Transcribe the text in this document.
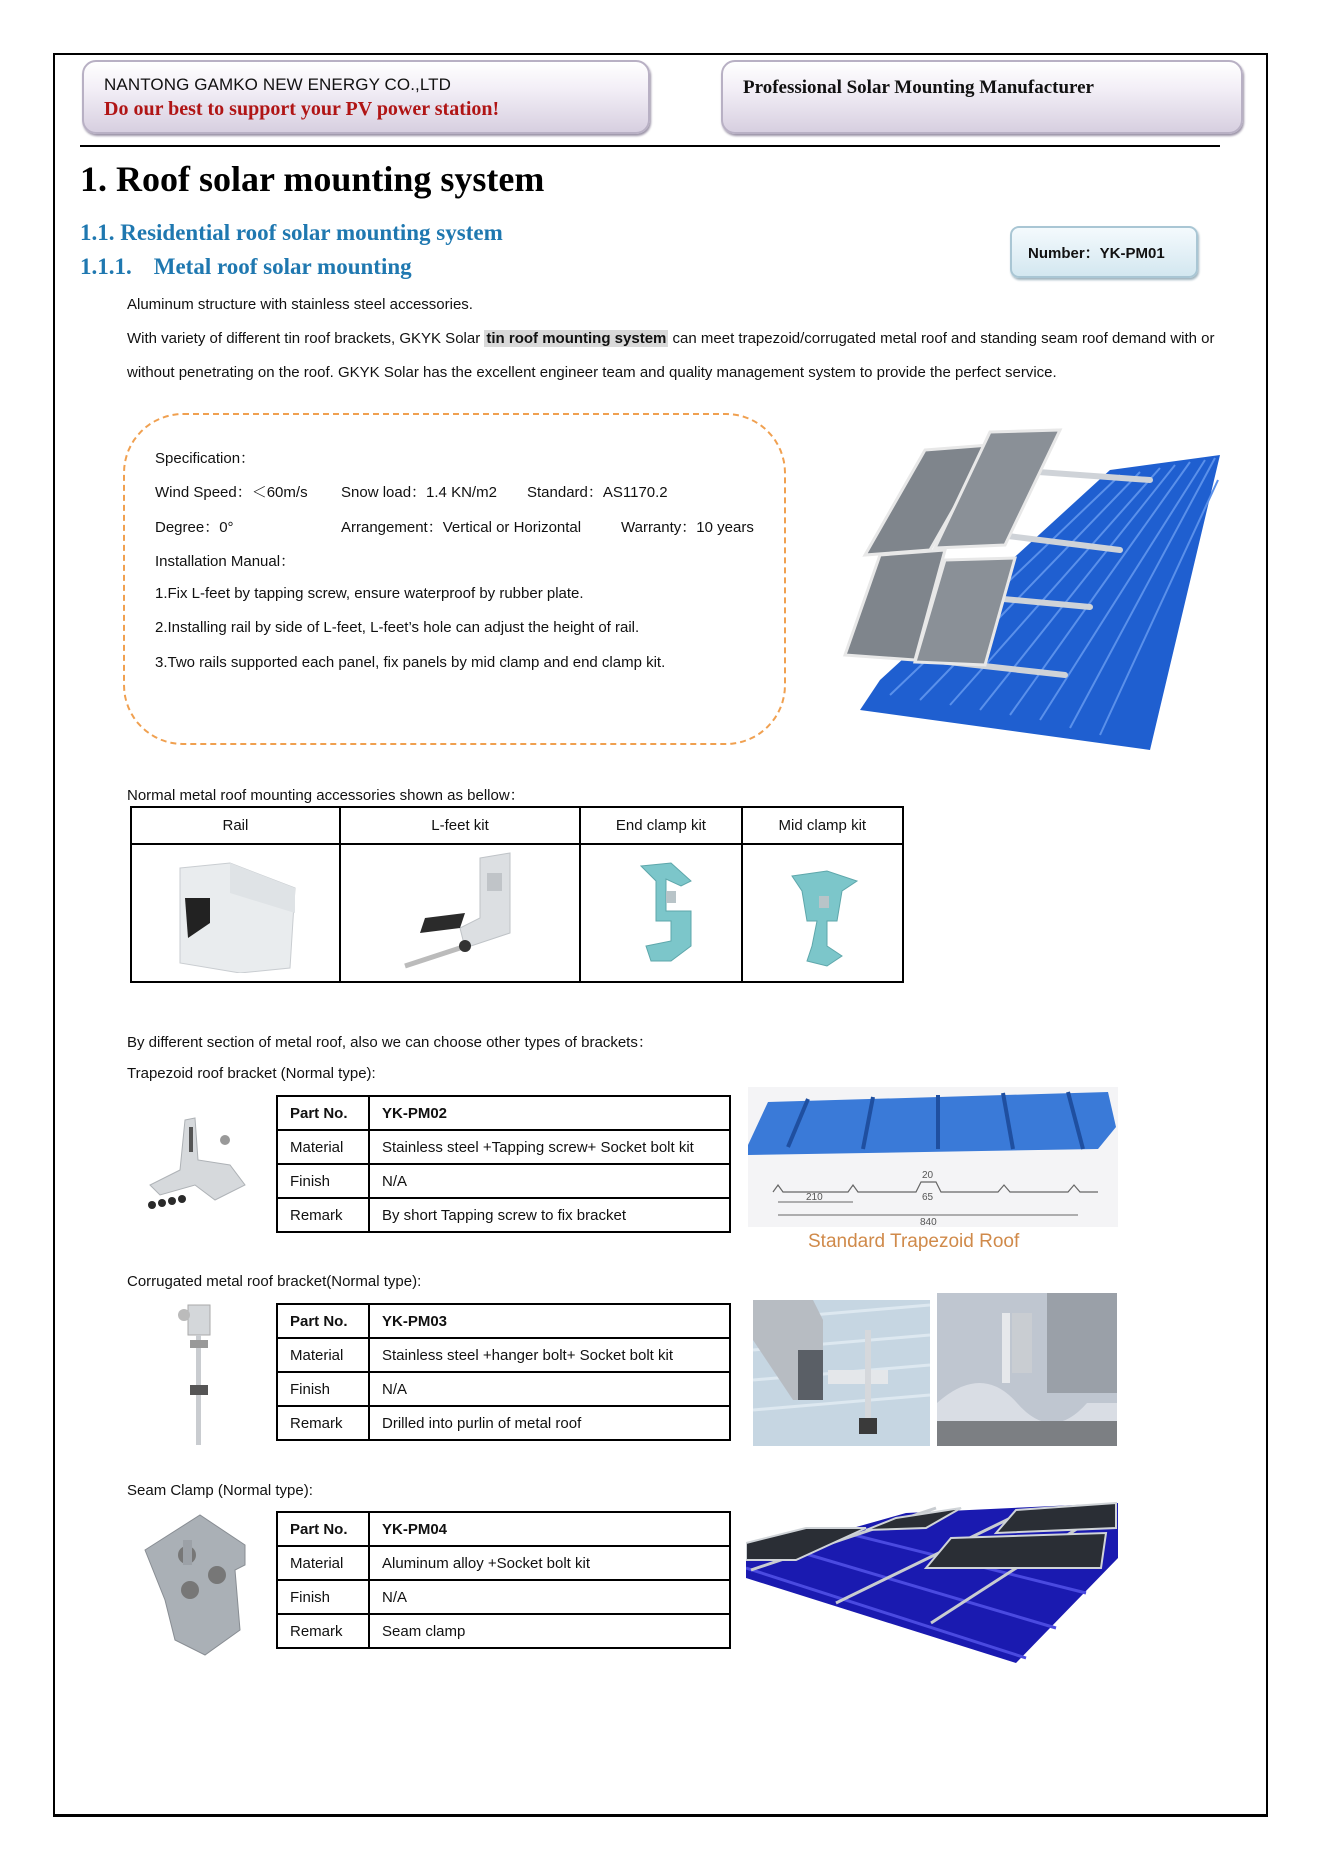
NANTONG GAMKO NEW ENERGY CO.,LTD
Do our best to support your PV power station!
Professional Solar Mounting Manufacturer
1. Roof solar mounting system
1.1. Residential roof solar mounting system
1.1.1. Metal roof solar mounting
Number：YK-PM01
Aluminum structure with stainless steel accessories.
With variety of different tin roof brackets, GKYK Solar tin roof mounting system can meet trapezoid/corrugated metal roof and standing seam roof demand with or
without penetrating on the roof. GKYK Solar has the excellent engineer team and quality management system to provide the perfect service.
Specification：
Wind Speed：＜60m/s Snow load：1.4 KN/m2 Standard：AS1170.2
Degree：0°	Arrangement：Vertical or Horizontal	Warranty：10 years
Installation Manual：
1.Fix L-feet by tapping screw, ensure waterproof by rubber plate.
2.Installing rail by side of L-feet, L-feet’s hole can adjust the height of rail.
3.Two rails supported each panel, fix panels by mid clamp and end clamp kit.
Normal metal roof mounting accessories shown as bellow：
Rail	L-feet kit	End clamp kit	Mid clamp kit

By different section of metal roof, also we can choose other types of brackets：
Trapezoid roof bracket (Normal type):
Part No.	YK-PM02
Material	Stainless steel +Tapping screw+ Socket bolt kit
Finish	N/A
Remark	By short Tapping screw to fix bracket
210
20
65
840
Standard Trapezoid Roof
Corrugated metal roof bracket(Normal type):
Part No.	YK-PM03
Material	Stainless steel +hanger bolt+ Socket bolt kit
Finish	N/A
Remark	Drilled into purlin of metal roof
Seam Clamp (Normal type):
Part No.	YK-PM04
Material	Aluminum alloy +Socket bolt kit
Finish	N/A
Remark	Seam clamp
